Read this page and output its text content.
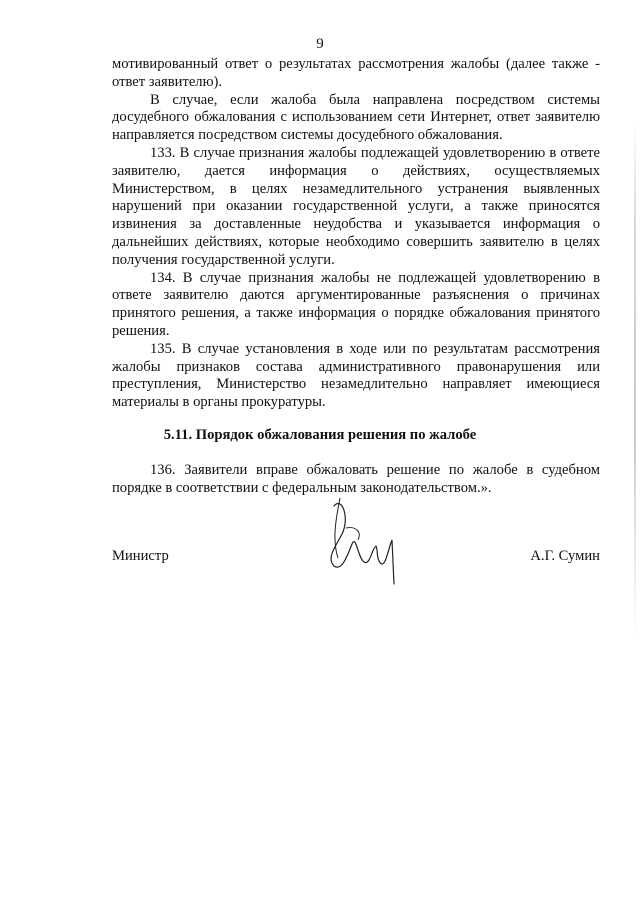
9

мотивированный ответ о результатах рассмотрения жалобы (далее также - ответ заявителю).

В случае, если жалоба была направлена посредством системы досудебного обжалования с использованием сети Интернет, ответ заявителю направляется посредством системы досудебного обжалования.

133. В случае признания жалобы подлежащей удовлетворению в ответе заявителю, дается информация о действиях, осуществляемых Министерством, в целях незамедлительного устранения выявленных нарушений при оказании государственной услуги, а также приносятся извинения за доставленные неудобства и указывается информация о дальнейших действиях, которые необходимо совершить заявителю в целях получения государственной услуги.

134. В случае признания жалобы не подлежащей удовлетворению в ответе заявителю даются аргументированные разъяснения о причинах принятого решения, а также информация о порядке обжалования принятого решения.

135. В случае установления в ходе или по результатам рассмотрения жалобы признаков состава административного правонарушения или преступления, Министерство незамедлительно направляет имеющиеся материалы в органы прокуратуры.

5.11. Порядок обжалования решения по жалобе

136. Заявители вправе обжаловать решение по жалобе в судебном порядке в соответствии с федеральным законодательством.».

Министр	А.Г. Сумин
